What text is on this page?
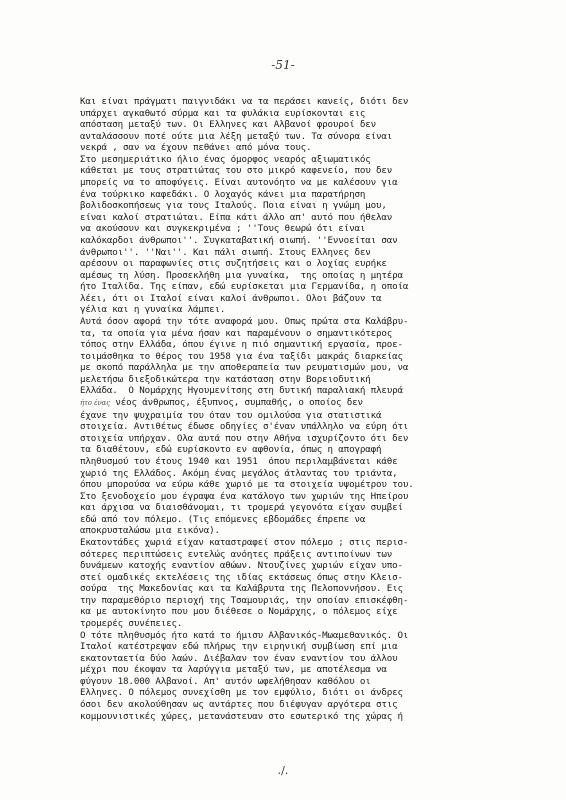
-51-
Και είναι πράγματι παιγνιδάκι να τα περάσει κανείς, διότι δεν
υπάρχει αγκαθωτό σύρμα και τα φυλάκια ευρίσκονται εις
απόσταση μεταξύ των. Οι Ελληνες και Αλβανοί φρουροί δεν
ανταλάσσουν ποτέ ούτε μια λέξη μεταξύ των. Τα σύνορα είναι
νεκρά , σαν να έχουν πεθάνει από μόνα τους.
Στο μεσημεριάτικο ήλιο ένας όμορφος νεαρός αξιωματικός
κάθεται με τους στρατιώτας του στο μικρό καφενείο, που δεν
μπορείς να το αποφύγεις. Είναι αυτονόητο να με καλέσουν για
ένα τούρκικο καφεδάκι. Ο λοχαγός κάνει μια παρατήρηση
βολιδοσκοπήσεως για τους Ιταλούς. Ποια είναι η γνώμη μου,
είναι καλοί στρατιώται. Είπα κάτι άλλο απ' αυτό που ήθελαν
να ακούσουν και συγκεκριμένα ; ''Τους θεωρώ ότι είναι
καλόκαρδοι άνθρωποι''. Συγκαταβατική σιωπή. ''Εννοείται σαν
άνθρωποι''. ''Ναι''. Και πάλι σιωπή. Στους Ελληνες δεν
αρέσουν οι παραφωνίες στις συζητήσεις και ο λοχίας ευρήκε
αμέσως τη λύση. Προσεκλήθη μια γυναίκα,  της οποίας η μητέρα
ήτο Ιταλίδα. Της είπαν, εδώ ευρίσκεται μια Γερμανίδα, η οποία
λέει, ότι οι Ιταλοί είναι καλοί άνθρωποι. Ολοι βάζουν τα
γέλια και η γυναίκα λάμπει.
Αυτά όσον αφορά την τότε αναφορά μου. Οπως πρώτα στα Καλάβρυ-
τα, τα οποία για μένα ήσαν και παραμένουν ο σημαντικότερος
τόπος στην Ελλάδα, όπου έγινε η πιό σημαντική εργασία, προε-
τοιμάσθηκα το θέρος του 1958 για ένα ταξίδι μακράς διαρκείας
με σκοπό παράλληλα με την αποθεραπεία των ρευματισμών μου, να
μελετήσω διεξοδικώτερα την κατάσταση στην Βορειοδυτική
Ελλάδα.  Ο Νομάρχης Ηγουμενίτσης στη δυτική παραλιακή πλευρά
ήτο ένας νέος άνθρωπος, έξυπνος, συμπαθής, ο οποίος δεν
έχανε την ψυχραιμία του όταν του ομιλούσα για στατιστικά
στοιχεία. Αντιθέτως έδωσε οδηγίες σ'έναν υπάλληλο να εύρη ότι
στοιχεία υπήρχαν. Ολα αυτά που στην Αθήνα ισχυρίζοντο ότι δεν
τα διαθέτουν, εδώ ευρίσκοντο εν αφθονία, όπως η απογραφή
πληθυσμού του έτους 1940 και 1951  όπου περιλαμβάνεται κάθε
χωριό της Ελλάδος. Ακόμη ένας μεγάλος άτλαντας του τριάντα,
όπου μπορούσα να εύρω κάθε χωριό με τα στοιχεία υψομέτρου του.
Στο ξενοδοχείο μου έγραψα ένα κατάλογο των χωριών της Ηπείρου
και άρχισα να διαισθάνομαι, τι τρομερά γεγονότα είχαν συμβεί
εδώ από τον πόλεμο. (Τις επόμενες εβδομάδες έπρεπε να
αποκρυσταλώσω μια εικόνα).
Εκατοντάδες χωριά είχαν καταστραφεί στον πόλεμο ; στις περισ-
σότερες περιπτώσεις εντελώς ανόητες πράξεις αντιποίνων των
δυνάμεων κατοχής εναντίον αθώων. Ντουζίνες χωριών είχαν υπο-
στεί ομαδικές εκτελέσεις της ιδίας εκτάσεως όπως στην Κλεισ-
σούρα  της Μακεδονίας και τα Καλάβρυτα της Πελοποννήσου. Εις
την παραμεθόριο περιοχή της Τσαμουριάς, την οποίαν επισκέφθη-
κα με αυτοκίνητο που μου διέθεσε ο Νομάρχης, ο πόλεμος είχε
τρομερές συνέπειες.
Ο τότε πληθυσμός ήτο κατά το ήμισυ Αλβανικός-Μωαμεθανικός. Οι
Ιταλοί κατέστρεψαν εδώ πλήρως την ειρηνική συμβίωση επί μια
εκατονταετία δύο λαών. Διέβαλαν τον έναν εναντίον του άλλου
μέχρι που έκοψαν τα λαρύγγια μεταξύ των, με αποτέλεσμα να
φύγουν 18.000 Αλβανοί. Απ' αυτόν ωφελήθησαν καθόλου οι
Ελληνες. Ο πόλεμος συνεχίσθη με τον εμφύλιο, διότι οι άνδρες
όσοι δεν ακολούθησαν ως αντάρτες που διέφυγαν αργότερα στις
κομμουνιστικές χώρες, μετανάστευαν στο εσωτερικό της χώρας ή
./.
